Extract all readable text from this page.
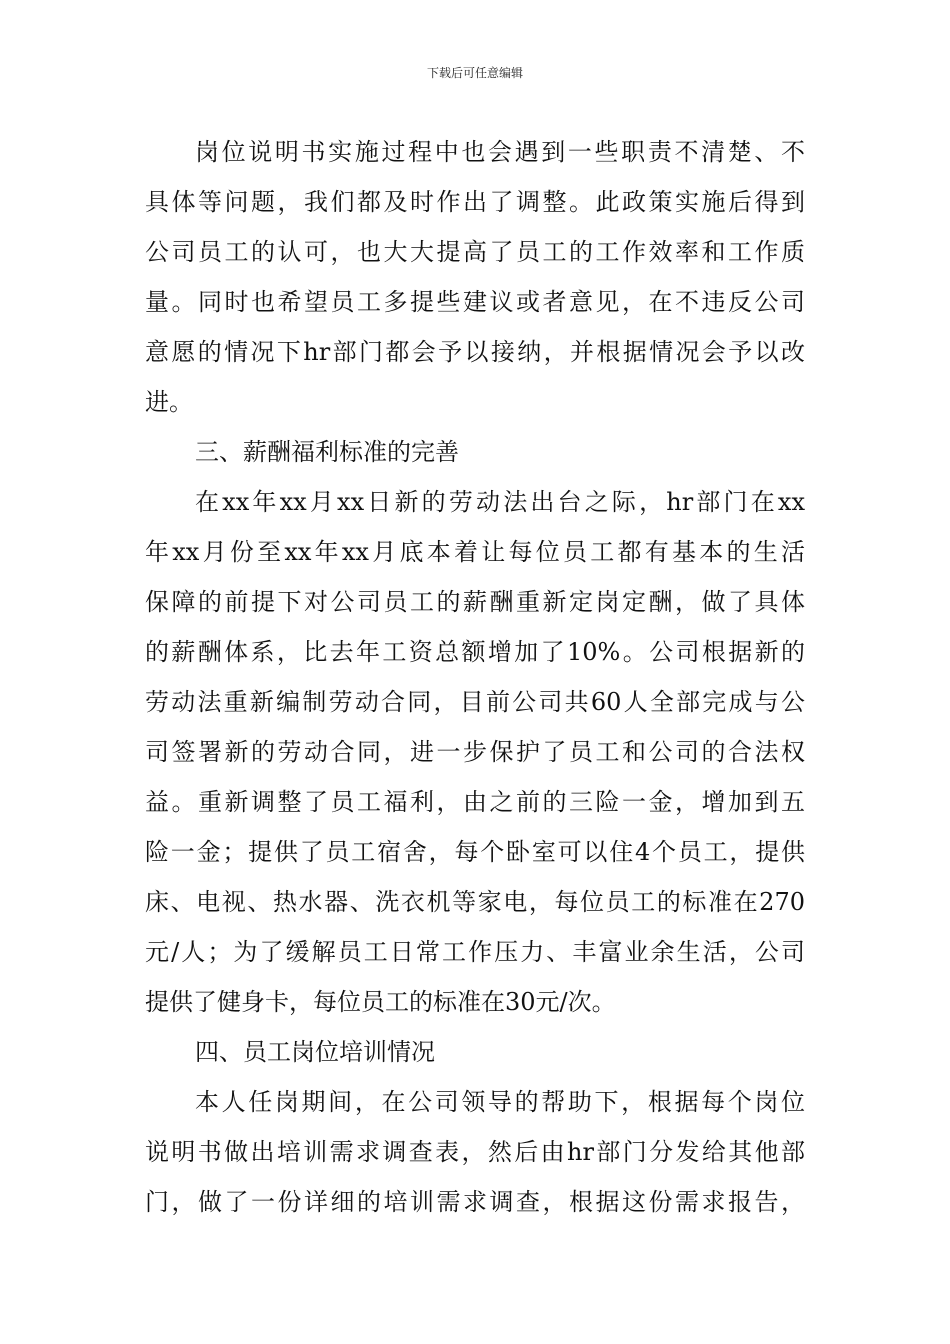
下载后可任意编辑
岗位说明书实施过程中也会遇到一些职责不清楚、不
具体等问题，我们都及时作出了调整。此政策实施后得到
公司员工的认可，也大大提高了员工的工作效率和工作质
量。同时也希望员工多提些建议或者意见，在不违反公司
意愿的情况下hr部门都会予以接纳，并根据情况会予以改
进。
三、薪酬福利标准的完善
在xx年xx月xx日新的劳动法出台之际，hr部门在xx
年xx月份至xx年xx月底本着让每位员工都有基本的生活
保障的前提下对公司员工的薪酬重新定岗定酬，做了具体
的薪酬体系，比去年工资总额增加了10%。公司根据新的
劳动法重新编制劳动合同，目前公司共60人全部完成与公
司签署新的劳动合同，进一步保护了员工和公司的合法权
益。重新调整了员工福利，由之前的三险一金，增加到五
险一金；提供了员工宿舍，每个卧室可以住4个员工，提供
床、电视、热水器、洗衣机等家电，每位员工的标准在270
元/人；为了缓解员工日常工作压力、丰富业余生活，公司
提供了健身卡，每位员工的标准在30元/次。
四、员工岗位培训情况
本人任岗期间，在公司领导的帮助下，根据每个岗位
说明书做出培训需求调查表，然后由hr部门分发给其他部
门，做了一份详细的培训需求调查，根据这份需求报告，
